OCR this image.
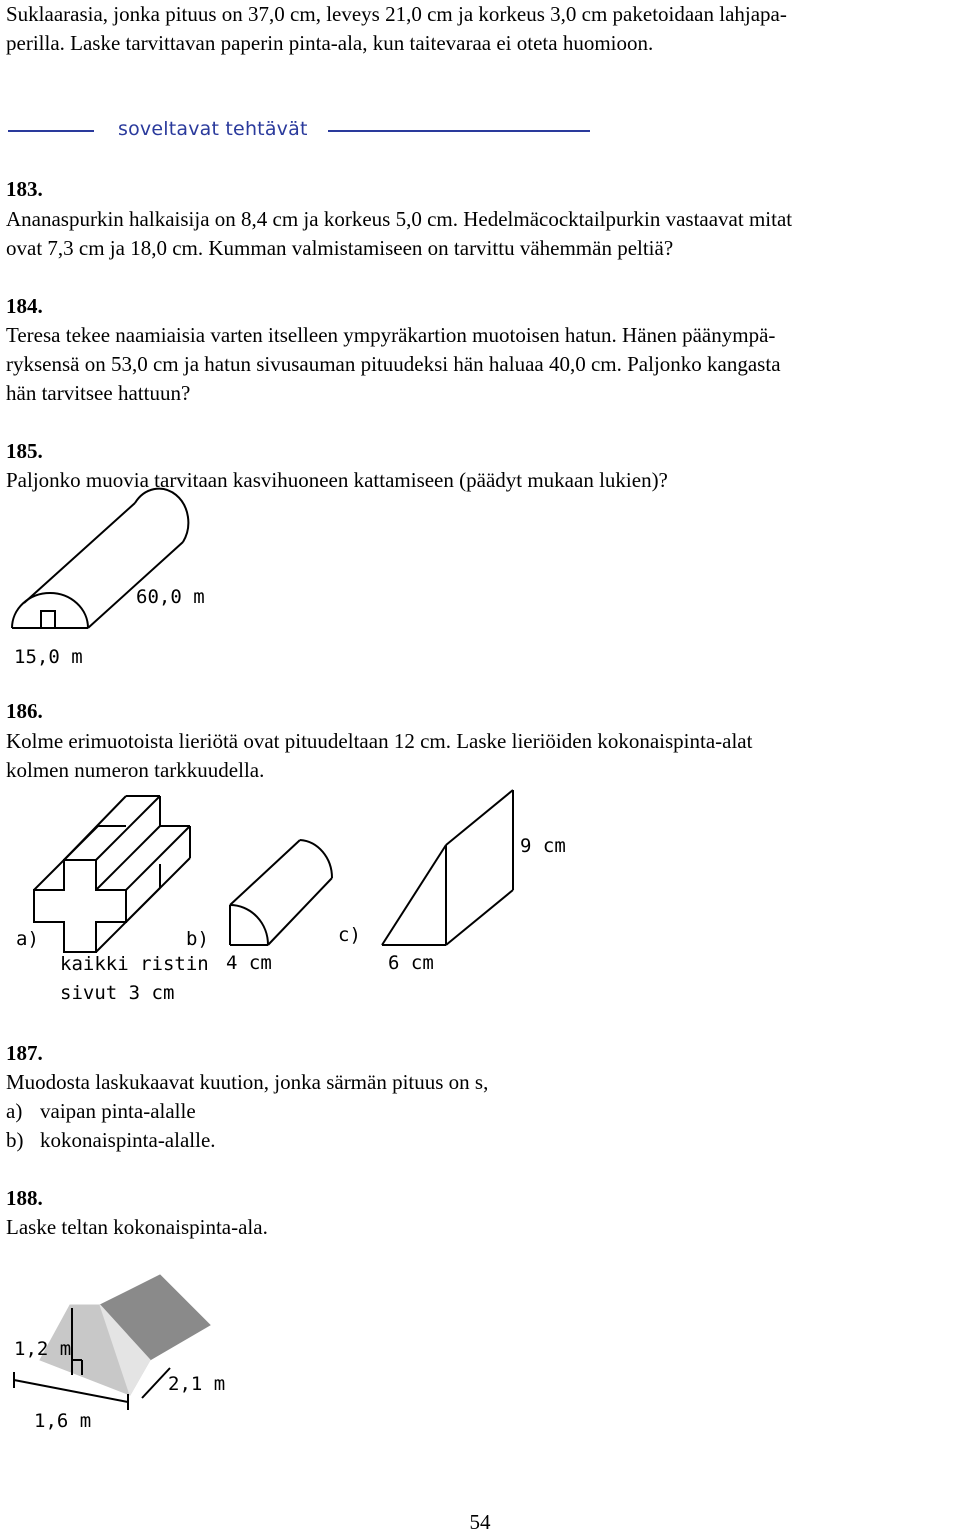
Suklaarasia, jonka pituus on 37,0 cm, leveys 21,0 cm ja korkeus 3,0 cm paketoidaan lahjapa-
perilla. Laske tarvittavan paperin pinta-ala, kun taitevaraa ei oteta huomioon.
soveltavat tehtävät
183.
Ananaspurkin halkaisija on 8,4 cm ja korkeus 5,0 cm. Hedelmäcocktailpurkin vastaavat mitat
ovat 7,3 cm ja 18,0 cm. Kumman valmistamiseen on tarvittu vähemmän peltiä?
184.
Teresa tekee naamiaisia varten itselleen ympyräkartion muotoisen hatun. Hänen päänympä-
ryksensä on 53,0 cm ja hatun sivusauman pituudeksi hän haluaa 40,0 cm. Paljonko kangasta
hän tarvitsee hattuun?
185.
Paljonko muovia tarvitaan kasvihuoneen kattamiseen (päädyt mukaan lukien)?
60,0 m
15,0 m
186.
Kolme erimuotoista lieriötä ovat pituudeltaan 12 cm. Laske lieriöiden kokonaispinta-alat
kolmen numeron tarkkuudella.
a)
kaikki ristin
sivut 3 cm
b)
4 cm
c)
9 cm
6 cm
187.
Muodosta laskukaavat kuution, jonka särmän pituus on s,
a) vaipan pinta-alalle
b) kokonaispinta-alalle.
188.
Laske teltan kokonaispinta-ala.
1,2 m
2,1 m
1,6 m
54
